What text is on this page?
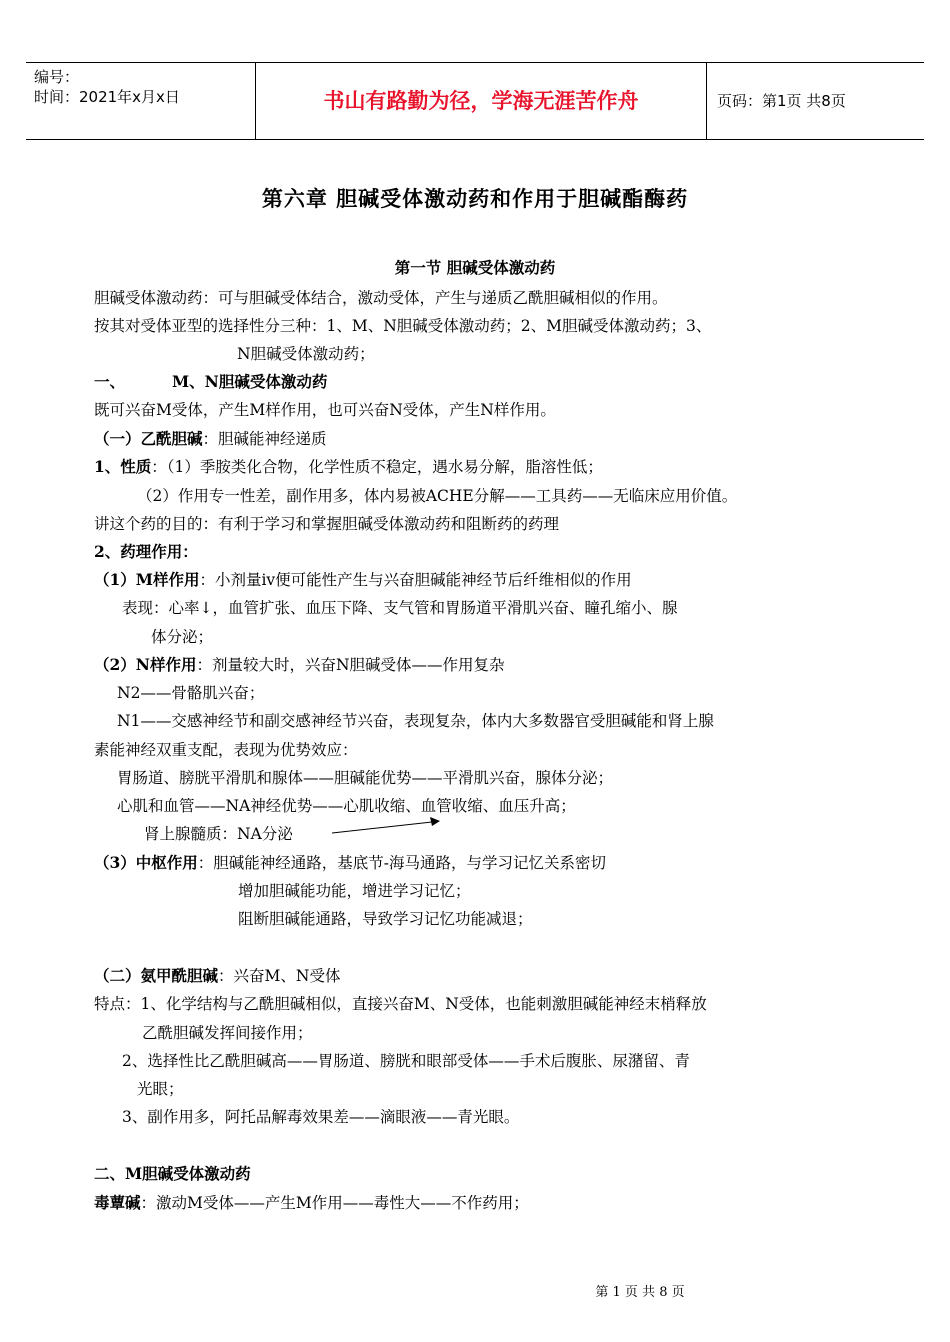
编号：
时间：2021年x月x日	书山有路勤为径，学海无涯苦作舟	页码：第1页 共8页
第六章 胆碱受体激动药和作用于胆碱酯酶药
第一节 胆碱受体激动药
胆碱受体激动药：可与胆碱受体结合，激动受体，产生与递质乙酰胆碱相似的作用。
按其对受体亚型的选择性分三种：1、M、N胆碱受体激动药；2、M胆碱受体激动药；3、
N胆碱受体激动药；
一、	M、N胆碱受体激动药
既可兴奋M受体，产生M样作用，也可兴奋N受体，产生N样作用。
（一）乙酰胆碱：胆碱能神经递质
1、性质：（1）季胺类化合物，化学性质不稳定，遇水易分解，脂溶性低；
（2）作用专一性差，副作用多，体内易被ACHE分解——工具药——无临床应用价值。
讲这个药的目的：有利于学习和掌握胆碱受体激动药和阻断药的药理
2、药理作用：
（1）M样作用：小剂量iv便可能性产生与兴奋胆碱能神经节后纤维相似的作用
表现：心率↓，血管扩张、血压下降、支气管和胃肠道平滑肌兴奋、瞳孔缩小、腺
体分泌；
（2）N样作用：剂量较大时，兴奋N胆碱受体——作用复杂
N2——骨骼肌兴奋；
N1——交感神经节和副交感神经节兴奋，表现复杂，体内大多数器官受胆碱能和肾上腺
素能神经双重支配，表现为优势效应：
胃肠道、膀胱平滑肌和腺体——胆碱能优势——平滑肌兴奋，腺体分泌；
心肌和血管——NA神经优势——心肌收缩、血管收缩、血压升高；
肾上腺髓质：NA分泌
（3）中枢作用：胆碱能神经通路，基底节-海马通路，与学习记忆关系密切
增加胆碱能功能，增进学习记忆；
阻断胆碱能通路，导致学习记忆功能减退；
（二）氨甲酰胆碱：兴奋M、N受体
特点：1、化学结构与乙酰胆碱相似，直接兴奋M、N受体，也能刺激胆碱能神经末梢释放
乙酰胆碱发挥间接作用；
2、选择性比乙酰胆碱高——胃肠道、膀胱和眼部受体——手术后腹胀、尿潴留、青
光眼；
3、副作用多，阿托品解毒效果差——滴眼液——青光眼。
二、M胆碱受体激动药
毒蕈碱：激动M受体——产生M作用——毒性大——不作药用；
第 1 页 共 8 页
